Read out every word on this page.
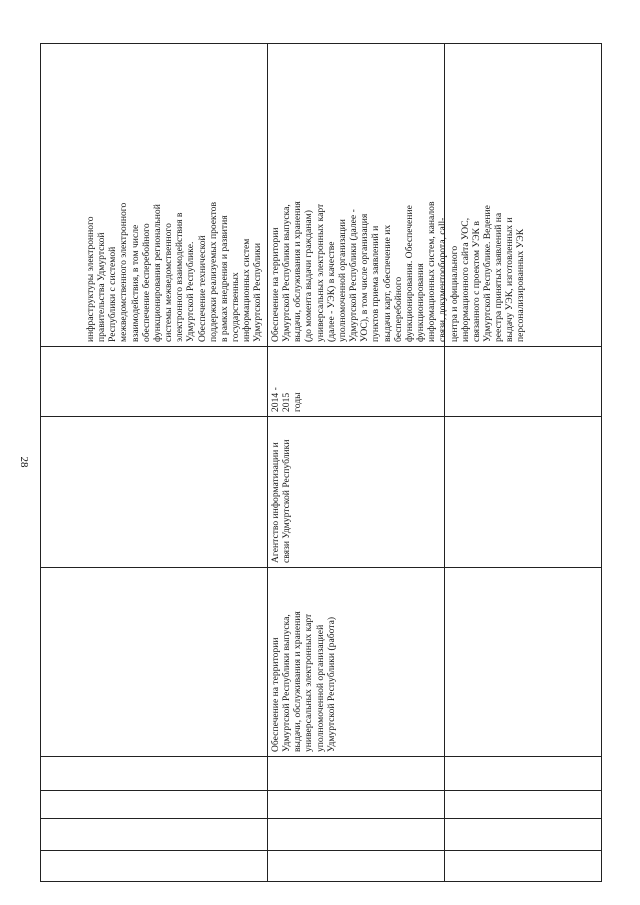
28
инфраструктуры электронного правительства Удмуртской Республики с системой межведомственного электронного взаимодействия, в том числе обеспечение бесперебойного функционирования региональной системы межведомственного электронного взаимодействия в Удмуртской Республике. Обеспечение технической поддержки реализуемых проектов в рамках внедрения и развития государственных информационных систем Удмуртской Республики Обеспечение на территории Удмуртской Республики выпуска, выдачи, обслуживания и хранения (до момента выдачи гражданам) универсальных электронных карт (далее - УЭК) в качестве уполномоченной организации Удмуртской Республики (далее - УОС), в том числе организация пунктов приема заявлений и выдачи карт, обеспечение их бесперебойного функционирования. Обеспечение функционирования информационных систем, каналов связи, документооборота, call- центра и официального информационного сайта УОС, связанного с проектом УЭК в Удмуртской Республике. Ведение реестра принятых заявлений на выдачу УЭК, изготовленных и персонализированных УЭК
2014 - 2015 годы
Агентство информатизации и связи Удмуртской Республики
Обеспечение на территории Удмуртской Республики выпуска, выдачи, обслуживания и хранения универсальных электронных карт уполномоченной организацией Удмуртской Республики (работа)
